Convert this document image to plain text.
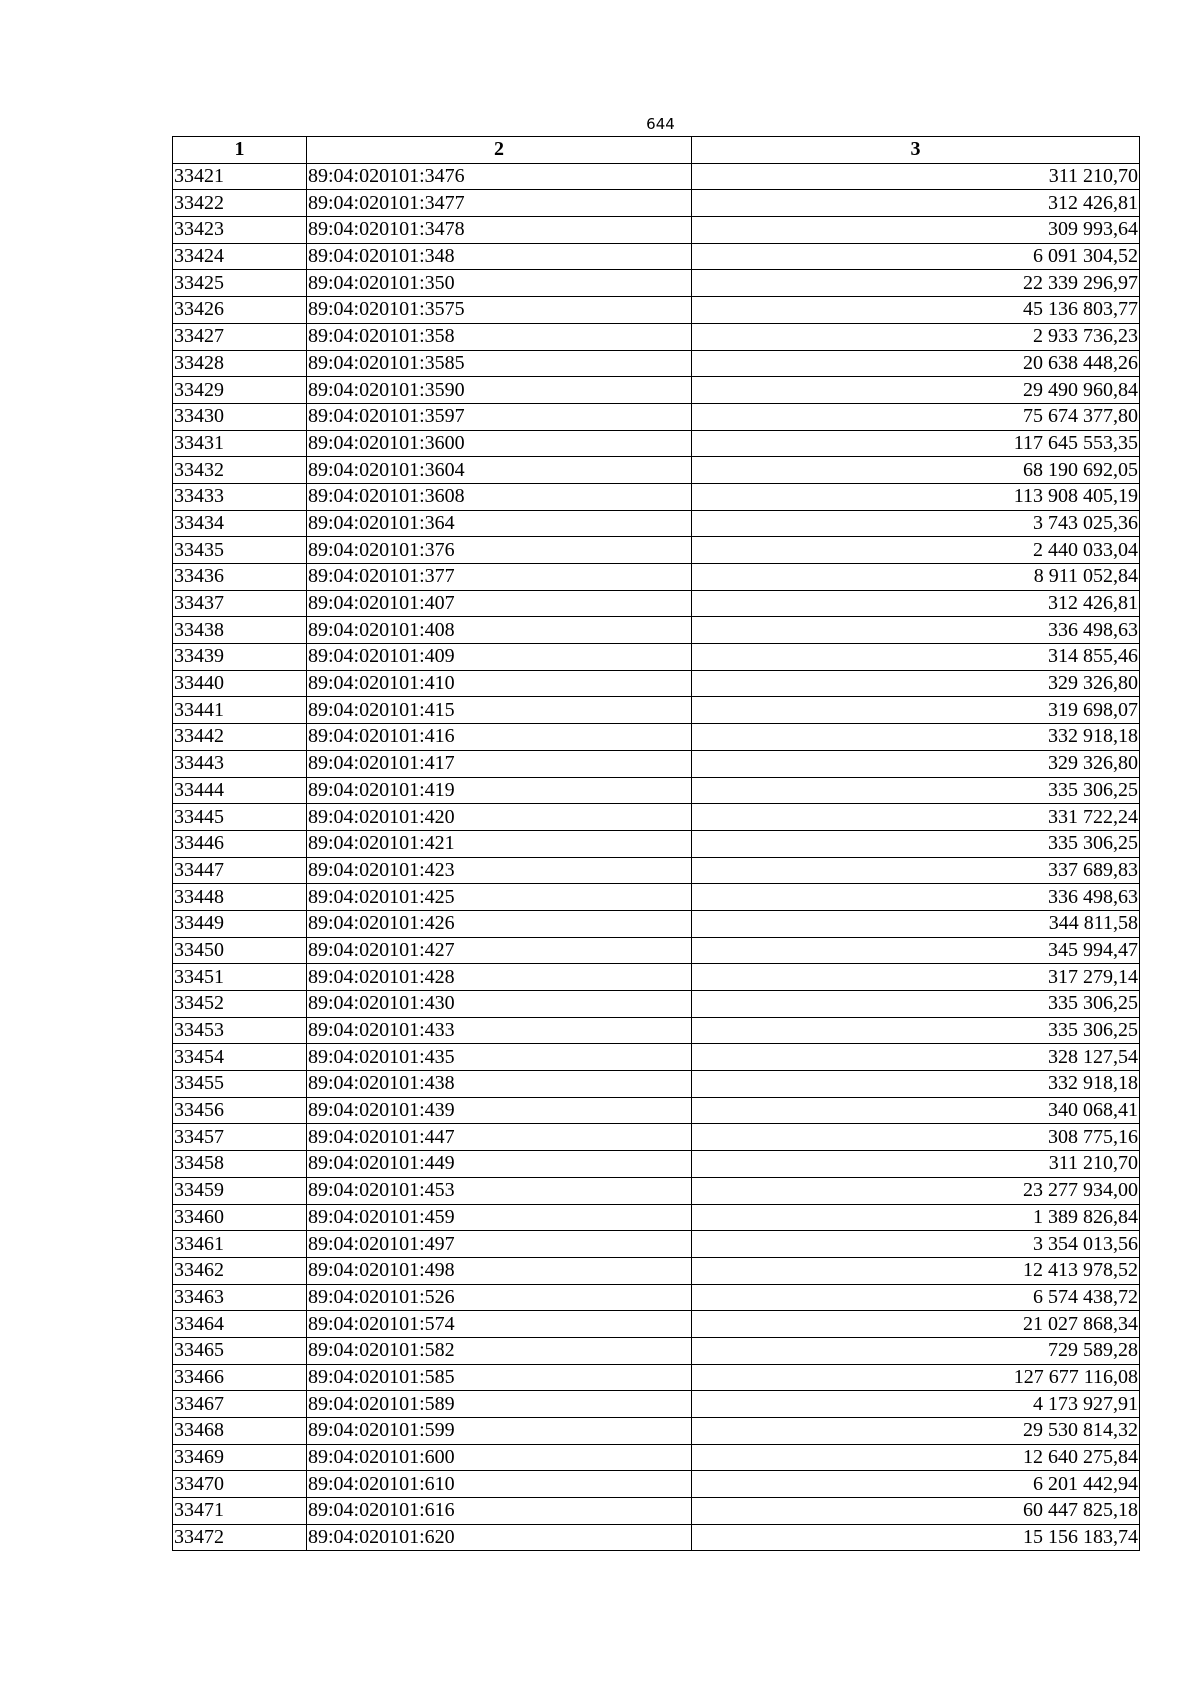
644
1	2	3
33421	89:04:020101:3476	311 210,70
33422	89:04:020101:3477	312 426,81
33423	89:04:020101:3478	309 993,64
33424	89:04:020101:348	6 091 304,52
33425	89:04:020101:350	22 339 296,97
33426	89:04:020101:3575	45 136 803,77
33427	89:04:020101:358	2 933 736,23
33428	89:04:020101:3585	20 638 448,26
33429	89:04:020101:3590	29 490 960,84
33430	89:04:020101:3597	75 674 377,80
33431	89:04:020101:3600	117 645 553,35
33432	89:04:020101:3604	68 190 692,05
33433	89:04:020101:3608	113 908 405,19
33434	89:04:020101:364	3 743 025,36
33435	89:04:020101:376	2 440 033,04
33436	89:04:020101:377	8 911 052,84
33437	89:04:020101:407	312 426,81
33438	89:04:020101:408	336 498,63
33439	89:04:020101:409	314 855,46
33440	89:04:020101:410	329 326,80
33441	89:04:020101:415	319 698,07
33442	89:04:020101:416	332 918,18
33443	89:04:020101:417	329 326,80
33444	89:04:020101:419	335 306,25
33445	89:04:020101:420	331 722,24
33446	89:04:020101:421	335 306,25
33447	89:04:020101:423	337 689,83
33448	89:04:020101:425	336 498,63
33449	89:04:020101:426	344 811,58
33450	89:04:020101:427	345 994,47
33451	89:04:020101:428	317 279,14
33452	89:04:020101:430	335 306,25
33453	89:04:020101:433	335 306,25
33454	89:04:020101:435	328 127,54
33455	89:04:020101:438	332 918,18
33456	89:04:020101:439	340 068,41
33457	89:04:020101:447	308 775,16
33458	89:04:020101:449	311 210,70
33459	89:04:020101:453	23 277 934,00
33460	89:04:020101:459	1 389 826,84
33461	89:04:020101:497	3 354 013,56
33462	89:04:020101:498	12 413 978,52
33463	89:04:020101:526	6 574 438,72
33464	89:04:020101:574	21 027 868,34
33465	89:04:020101:582	729 589,28
33466	89:04:020101:585	127 677 116,08
33467	89:04:020101:589	4 173 927,91
33468	89:04:020101:599	29 530 814,32
33469	89:04:020101:600	12 640 275,84
33470	89:04:020101:610	6 201 442,94
33471	89:04:020101:616	60 447 825,18
33472	89:04:020101:620	15 156 183,74
